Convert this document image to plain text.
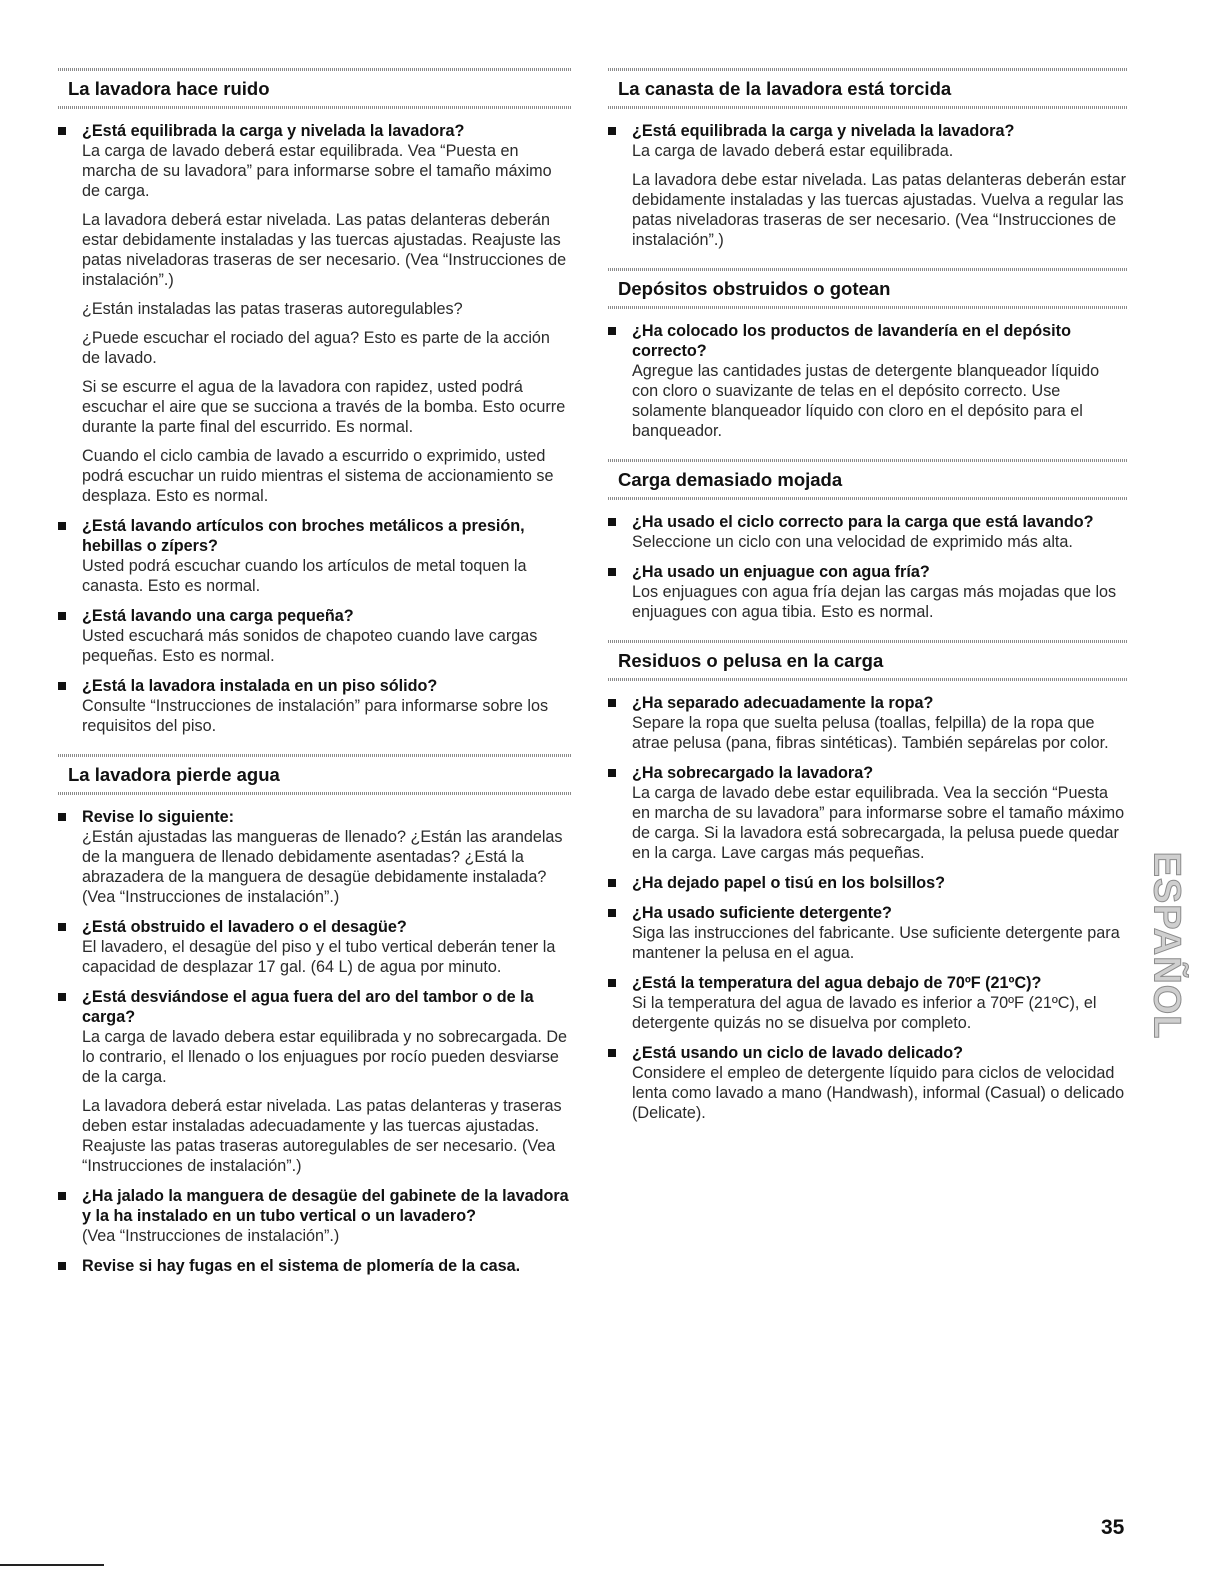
La lavadora hace ruido
¿Está equilibrada la carga y nivelada la lavadora?

La carga de lavado deberá estar equilibrada. Vea “Puesta en marcha de su lavadora” para informarse sobre el tamaño máximo de carga.

La lavadora deberá estar nivelada. Las patas delanteras deberán estar debidamente instaladas y las tuercas ajustadas. Reajuste las patas niveladoras traseras de ser necesario. (Vea “Instrucciones de instalación”.)

¿Están instaladas las patas traseras autoregulables?

¿Puede escuchar el rociado del agua? Esto es parte de la acción de lavado.

Si se escurre el agua de la lavadora con rapidez, usted podrá escuchar el aire que se succiona a través de la bomba. Esto ocurre durante la parte final del escurrido. Es normal.

Cuando el ciclo cambia de lavado a escurrido o exprimido, usted podrá escuchar un ruido mientras el sistema de accionamiento se desplaza. Esto es normal.

¿Está lavando artículos con broches metálicos a presión, hebillas o zípers?

Usted podrá escuchar cuando los artículos de metal toquen la canasta. Esto es normal.

¿Está lavando una carga pequeña?

Usted escuchará más sonidos de chapoteo cuando lave cargas pequeñas. Esto es normal.

¿Está la lavadora instalada en un piso sólido?

Consulte “Instrucciones de instalación” para informarse sobre los requisitos del piso.

La lavadora pierde agua
Revise lo siguiente:

¿Están ajustadas las mangueras de llenado? ¿Están las arandelas de la manguera de llenado debidamente asentadas? ¿Está la abrazadera de la manguera de desagüe debidamente instalada? (Vea “Instrucciones de instalación”.)

¿Está obstruido el lavadero o el desagüe?

El lavadero, el desagüe del piso y el tubo vertical deberán tener la capacidad de desplazar 17 gal. (64 L) de agua por minuto.

¿Está desviándose el agua fuera del aro del tambor o de la carga?

La carga de lavado debera estar equilibrada y no sobrecargada. De lo contrario, el llenado o los enjuagues por rocío pueden desviarse de la carga.

La lavadora deberá estar nivelada. Las patas delanteras y traseras deben estar instaladas adecuadamente y las tuercas ajustadas. Reajuste las patas traseras autoregulables de ser necesario. (Vea “Instrucciones de instalación”.)

¿Ha jalado la manguera de desagüe del gabinete de la lavadora y la ha instalado en un tubo vertical o un lavadero?

(Vea “Instrucciones de instalación”.)

Revise si hay fugas en el sistema de plomería de la casa.
La canasta de la lavadora está torcida
¿Está equilibrada la carga y nivelada la lavadora?

La carga de lavado deberá estar equilibrada.

La lavadora debe estar nivelada. Las patas delanteras deberán estar debidamente instaladas y las tuercas ajustadas. Vuelva a regular las patas niveladoras traseras de ser necesario. (Vea “Instrucciones de instalación”.)

Depósitos obstruidos o gotean
¿Ha colocado los productos de lavandería en el depósito correcto?

Agregue las cantidades justas de detergente blanqueador líquido con cloro o suavizante de telas en el depósito correcto. Use solamente blanqueador líquido con cloro en el depósito para el banqueador.

Carga demasiado mojada
¿Ha usado el ciclo correcto para la carga que está lavando?

Seleccione un ciclo con una velocidad de exprimido más alta.

¿Ha usado un enjuague con agua fría?

Los enjuagues con agua fría dejan las cargas más mojadas que los enjuagues con agua tibia. Esto es normal.

Residuos o pelusa en la carga
¿Ha separado adecuadamente la ropa?

Separe la ropa que suelta pelusa (toallas, felpilla) de la ropa que atrae pelusa (pana, fibras sintéticas). También sepárelas por color.

¿Ha sobrecargado la lavadora?

La carga de lavado debe estar equilibrada. Vea la sección “Puesta en marcha de su lavadora” para informarse sobre el tamaño máximo de carga. Si la lavadora está sobrecargada, la pelusa puede quedar en la carga. Lave cargas más pequeñas.

¿Ha dejado papel o tisú en los bolsillos?
¿Ha usado suficiente detergente?

Siga las instrucciones del fabricante. Use suficiente detergente para mantener la pelusa en el agua.

¿Está la temperatura del agua debajo de 70ºF (21ºC)?

Si la temperatura del agua de lavado es inferior a 70ºF (21ºC), el detergente quizás no se disuelva por completo.

¿Está usando un ciclo de lavado delicado?

Considere el empleo de detergente líquido para ciclos de velocidad lenta como lavado a mano (Handwash), informal (Casual) o delicado (Delicate).

ESPAÑOL
35
